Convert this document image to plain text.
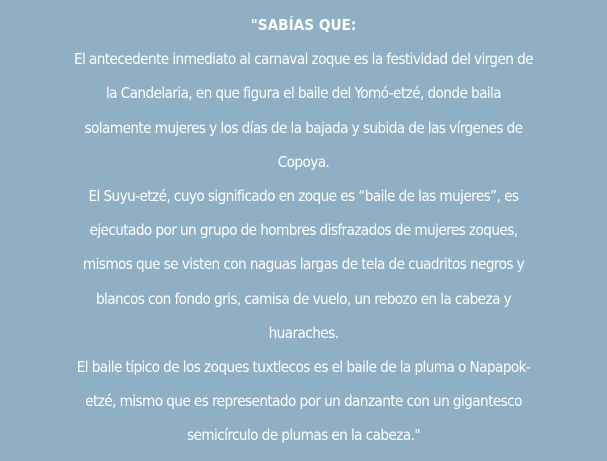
"SABÍAS QUE:
El antecedente inmediato al carnaval zoque es la festividad del virgen de
la Candelaria, en que figura el baile del Yomó-etzé, donde baila
solamente mujeres y los días de la bajada y subida de las vírgenes de
Copoya.
El Suyu-etzé, cuyo significado en zoque es “baile de las mujeres”, es
ejecutado por un grupo de hombres disfrazados de mujeres zoques,
mismos que se visten con naguas largas de tela de cuadritos negros y
blancos con fondo gris, camisa de vuelo, un rebozo en la cabeza y
huaraches.
El baile típico de los zoques tuxtlecos es el baile de la pluma o Napapok-
etzé, mismo que es representado por un danzante con un gigantesco
semicírculo de plumas en la cabeza."
